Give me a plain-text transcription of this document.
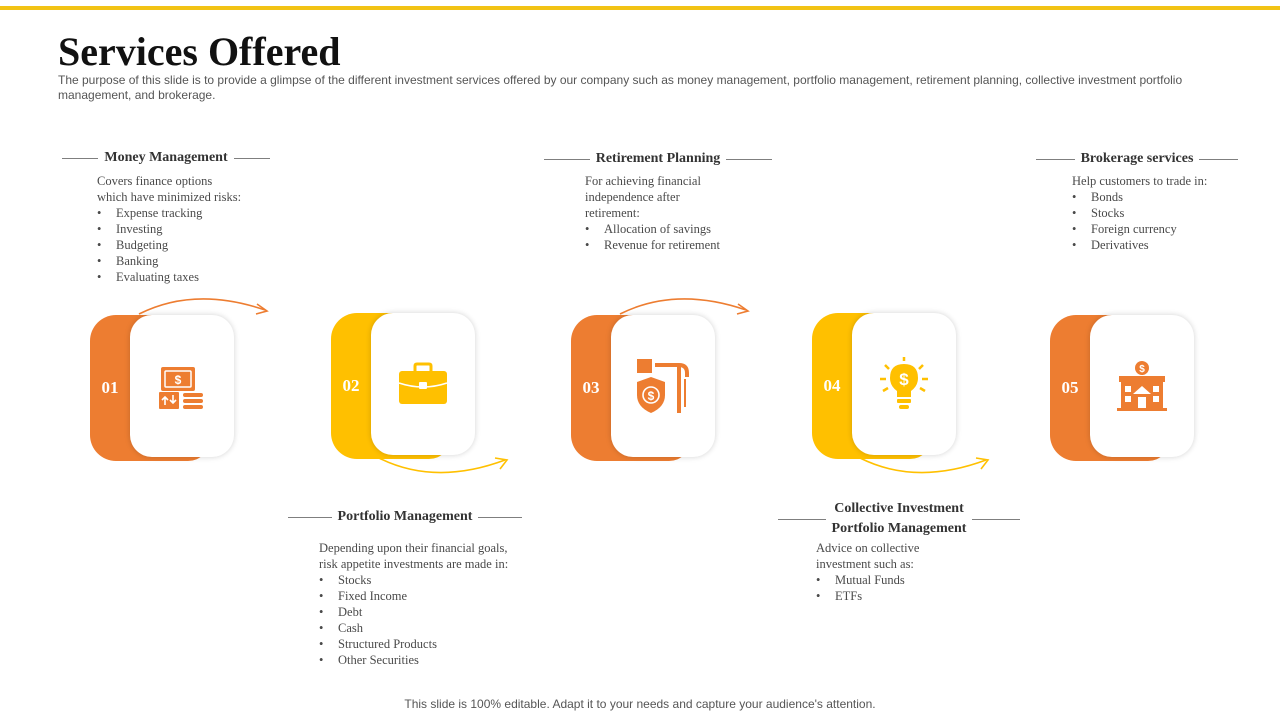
Services Offered

The purpose of this slide is to provide a glimpse of the different investment services offered by our company such as money management, portfolio management, retirement planning, collective investment portfolio management, and brokerage.

Money Management

Covers finance options
which have minimized risks:

• Expense tracking
• Investing
• Budgeting
• Banking
• Evaluating taxes
Retirement Planning

For achieving financial
independence after
retirement:

• Allocation of savings
• Revenue for retirement
Brokerage services

Help customers to trade in:

• Bonds
• Stocks
• Foreign currency
• Derivatives
Portfolio Management

Depending upon their financial goals,
risk appetite investments are made in:

• Stocks
• Fixed Income
• Debt
• Cash
• Structured Products
• Other Securities
Collective Investment
Portfolio Management

Advice on collective
investment such as:

• Mutual Funds
• ETFs
01	$	02	03	$
04	$	05
$
This slide is 100% editable. Adapt it to your needs and capture your audience's attention.
